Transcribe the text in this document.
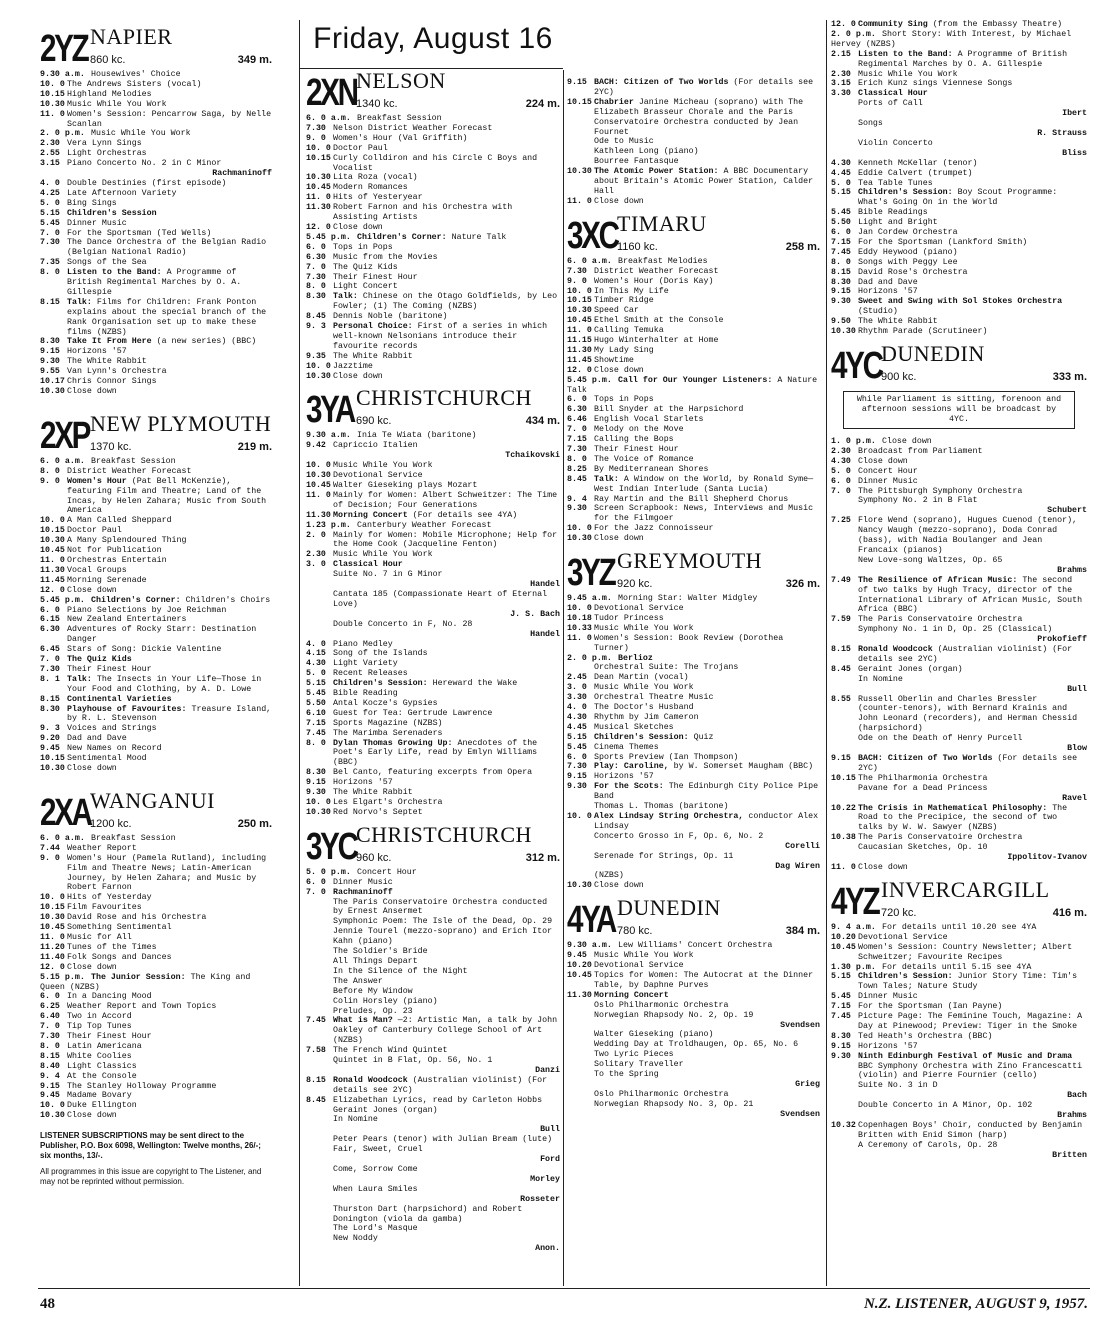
Friday, August 16
2YZ NAPIER
860 kc.	349 m.
9.30 a.m. Housewives' Choice
10. 0 The Andrews Sisters (vocal)
10.15 Highland Melodies
10.30 Music While You Work
11. 0 Women's Session: Pencarrow Saga, by Nelle Scanlan
2. 0 p.m. Music While You Work
2.30 Vera Lynn Sings
2.55 Light Orchestras
3.15 Piano Concerto No. 2 in C Minor
Rachmaninoff
4. 0 Double Destinies (first episode)
4.25 Late Afternoon Variety
5. 0 Bing Sings
5.15 Children's Session
5.45 Dinner Music
7. 0 For the Sportsman (Ted Wells)
7.30 The Dance Orchestra of the Belgian Radio (Belgian National Radio)
7.35 Songs of the Sea
8. 0 Listen to the Band: A Programme of British Regimental Marches by O. A. Gillespie
8.15 Talk: Films for Children: Frank Ponton explains about the special branch of the Rank Organisation set up to make these films (NZBS)
8.30 Take It From Here (a new series) (BBC)
9.15 Horizons '57
9.30 The White Rabbit
9.55 Van Lynn's Orchestra
10.17 Chris Connor Sings
10.30 Close down
2XP NEW PLYMOUTH
1370 kc.	219 m.
6. 0 a.m. Breakfast Session
8. 0 District Weather Forecast
9. 0 Women's Hour (Pat Bell McKenzie), featuring Film and Theatre; Land of the Incas, by Helen Zahara; Music from South America
10. 0 A Man Called Sheppard
10.15 Doctor Paul
10.30 A Many Splendoured Thing
10.45 Not for Publication
11. 0 Orchestras Entertain
11.30 Vocal Groups
11.45 Morning Serenade
12. 0 Close down
5.45 p.m. Children's Corner: Children's Choirs
6. 0 Piano Selections by Joe Reichman
6.15 New Zealand Entertainers
6.30 Adventures of Rocky Starr: Destination Danger
6.45 Stars of Song: Dickie Valentine
7. 0 The Quiz Kids
7.30 Their Finest Hour
8. 1 Talk: The Insects in Your Life—Those in Your Food and Clothing, by A. D. Lowe
8.15 Continental Varieties
8.30 Playhouse of Favourites: Treasure Island, by R. L. Stevenson
9. 3 Voices and Strings
9.20 Dad and Dave
9.45 New Names on Record
10.15 Sentimental Mood
10.30 Close down
2XA WANGANUI
1200 kc.	250 m.
6. 0 a.m. Breakfast Session
7.44 Weather Report
9. 0 Women's Hour (Pamela Rutland), including Film and Theatre News; Latin-American Journey, by Helen Zahara; and Music by Robert Farnon
10. 0 Hits of Yesterday
10.15 Film Favourites
10.30 David Rose and his Orchestra
10.45 Something Sentimental
11. 0 Music for All
11.20 Tunes of the Times
11.40 Folk Songs and Dances
12. 0 Close down
5.15 p.m. The Junior Session: The King and Queen (NZBS)
6. 0 In a Dancing Mood
6.25 Weather Report and Town Topics
6.40 Two in Accord
7. 0 Tip Top Tunes
7.30 Their Finest Hour
8. 0 Latin Americana
8.15 White Coolies
8.40 Light Classics
9. 4 At the Console
9.15 The Stanley Holloway Programme
9.45 Madame Bovary
10. 0 Duke Ellington
10.30 Close down
LISTENER SUBSCRIPTIONS may be sent direct to the Publisher, P.O. Box 6098, Wellington: Twelve months, 26/-; six months, 13/-.
All programmes in this issue are copyright to The Listener, and may not be reprinted without permission.
2XN NELSON
1340 kc.	224 m.
6. 0 a.m. Breakfast Session
7.30 Nelson District Weather Forecast
9. 0 Women's Hour (Val Griffith)
10. 0 Doctor Paul
10.15 Curly Colldiron and his Circle C Boys and Vocalist
10.30 Lita Roza (vocal)
10.45 Modern Romances
11. 0 Hits of Yesteryear
11.30 Robert Farnon and his Orchestra with Assisting Artists
12. 0 Close down
5.45 p.m. Children's Corner: Nature Talk
6. 0 Tops in Pops
6.30 Music from the Movies
7. 0 The Quiz Kids
7.30 Their Finest Hour
8. 0 Light Concert
8.30 Talk: Chinese on the Otago Goldfields, by Leo Fowler; (1) The Coming (NZBS)
8.45 Dennis Noble (baritone)
9. 3 Personal Choice: First of a series in which well-known Nelsonians introduce their favourite records
9.35 The White Rabbit
10. 0 Jazztime
10.30 Close down
3YA CHRISTCHURCH
690 kc.	434 m.
9.30 a.m. Inia Te Wiata (baritone)
9.42 Capriccio Italien
Tchaikovski
10. 0 Music While You Work
10.30 Devotional Service
10.45 Walter Gieseking plays Mozart
11. 0 Mainly for Women: Albert Schweitzer: The Time of Decision; Four Generations
11.30 Morning Concert (For details see 4YA)
1.23 p.m. Canterbury Weather Forecast
2. 0 Mainly for Women: Mobile Microphone; Help for the Home Cook (Jacqueline Fenton)
2.30 Music While You Work
3. 0 Classical Hour
Suite No. 7 in G Minor
Handel
Cantata 185 (Compassionate Heart of Eternal Love)
J. S. Bach
Double Concerto in F, No. 28
Handel
4. 0 Piano Medley
4.15 Song of the Islands
4.30 Light Variety
5. 0 Recent Releases
5.15 Children's Session: Hereward the Wake
5.45 Bible Reading
5.50 Antal Kocze's Gypsies
6.10 Guest for Tea: Gertrude Lawrence
7.15 Sports Magazine (NZBS)
7.45 The Marimba Serenaders
8. 0 Dylan Thomas Growing Up: Anecdotes of the Poet's Early Life, read by Emlyn Williams (BBC)
8.30 Bel Canto, featuring excerpts from Opera
9.15 Horizons '57
9.30 The White Rabbit
10. 0 Les Elgart's Orchestra
10.30 Red Norvo's Septet
3YC CHRISTCHURCH
960 kc.	312 m.
5. 0 p.m. Concert Hour
6. 0 Dinner Music
7. 0 Rachmaninoff
The Paris Conservatoire Orchestra conducted by Ernest Ansermet
Symphonic Poem: The Isle of the Dead, Op. 29
Jennie Tourel (mezzo-soprano) and Erich Itor Kahn (piano)
The Soldier's Bride
All Things Depart
In the Silence of the Night
The Answer
Before My Window
Colin Horsley (piano)
Preludes, Op. 23
7.45 What is Man? —2: Artistic Man, a talk by John Oakley of Canterbury College School of Art (NZBS)
7.58 The French Wind Quintet
Quintet in B Flat, Op. 56, No. 1
Danzi
8.15 Ronald Woodcock (Australian violinist) (For details see 2YC)
8.45 Elizabethan Lyrics, read by Carleton Hobbs
Geraint Jones (organ)
In Nomine
Bull
Peter Pears (tenor) with Julian Bream (lute)
Fair, Sweet, Cruel
Ford
Come, Sorrow Come
Morley
When Laura Smiles
Rosseter
Thurston Dart (harpsichord) and Robert Donington (viola da gamba)
The Lord's Masque
New Noddy
Anon.
9.15 BACH: Citizen of Two Worlds (For details see 2YC)
10.15 Chabrier Janine Micheau (soprano) with The Elizabeth Brasseur Chorale and the Paris Conservatoire Orchestra conducted by Jean Fournet
Ode to Music
Kathleen Long (piano)
Bourree Fantasque
10.30 The Atomic Power Station: A BBC Documentary about Britain's Atomic Power Station, Calder Hall
11. 0 Close down
3XC TIMARU
1160 kc.	258 m.
6. 0 a.m. Breakfast Melodies
7.30 District Weather Forecast
9. 0 Women's Hour (Doris Kay)
10. 0 In This My Life
10.15 Timber Ridge
10.30 Speed Car
10.45 Ethel Smith at the Console
11. 0 Calling Temuka
11.15 Hugo Winterhalter at Home
11.30 My Lady Sing
11.45 Showtime
12. 0 Close down
5.45 p.m. Call for Our Younger Listeners: A Nature Talk
6. 0 Tops in Pops
6.30 Bill Snyder at the Harpsichord
6.46 English Vocal Starlets
7. 0 Melody on the Move
7.15 Calling the Bops
7.30 Their Finest Hour
8. 0 The Voice of Romance
8.25 By Mediterranean Shores
8.45 Talk: A Window on the World, by Ronald Syme—West Indian Interlude (Santa Lucia)
9. 4 Ray Martin and the Bill Shepherd Chorus
9.30 Screen Scrapbook: News, Interviews and Music for the Filmgoer
10. 0 For the Jazz Connoisseur
10.30 Close down
3YZ GREYMOUTH
920 kc.	326 m.
9.45 a.m. Morning Star: Walter Midgley
10. 0 Devotional Service
10.18 Tudor Princess
10.33 Music While You Work
11. 0 Women's Session: Book Review (Dorothea Turner)
2. 0 p.m. Berlioz
Orchestral Suite: The Trojans
2.45 Dean Martin (vocal)
3. 0 Music While You Work
3.30 Orchestral Theatre Music
4. 0 The Doctor's Husband
4.30 Rhythm by Jim Cameron
4.45 Musical Sketches
5.15 Children's Session: Quiz
5.45 Cinema Themes
6. 0 Sports Preview (Ian Thompson)
7.30 Play: Caroline, by W. Somerset Maugham (BBC)
9.15 Horizons '57
9.30 For the Scots: The Edinburgh City Police Pipe Band
Thomas L. Thomas (baritone)
10. 0 Alex Lindsay String Orchestra, conductor Alex Lindsay
Concerto Grosso in F, Op. 6, No. 2
Corelli
Serenade for Strings, Op. 11
Dag Wiren
(NZBS)
10.30 Close down
4YA DUNEDIN
780 kc.	384 m.
9.30 a.m. Lew Williams' Concert Orchestra
9.45 Music While You Work
10.20 Devotional Service
10.45 Topics for Women: The Autocrat at the Dinner Table, by Daphne Purves
11.30 Morning Concert
Oslo Philharmonic Orchestra
Norwegian Rhapsody No. 2, Op. 19
Svendsen
Walter Gieseking (piano)
Wedding Day at Troldhaugen, Op. 65, No. 6
Two Lyric Pieces
Solitary Traveller
To the Spring
Grieg
Oslo Philharmonic Orchestra
Norwegian Rhapsody No. 3, Op. 21
Svendsen
12. 0 Community Sing (from the Embassy Theatre)
2. 0 p.m. Short Story: With Interest, by Michael Hervey (NZBS)
2.15 Listen to the Band: A Programme of British Regimental Marches by O. A. Gillespie
2.30 Music While You Work
3.15 Erich Kunz sings Viennese Songs
3.30 Classical Hour
Ports of Call
Ibert
Songs
R. Strauss
Violin Concerto
Bliss
4.30 Kenneth McKellar (tenor)
4.45 Eddie Calvert (trumpet)
5. 0 Tea Table Tunes
5.15 Children's Session: Boy Scout Programme: What's Going On in the World
5.45 Bible Readings
5.50 Light and Bright
6. 0 Jan Cordew Orchestra
7.15 For the Sportsman (Lankford Smith)
7.45 Eddy Heywood (piano)
8. 0 Songs with Peggy Lee
8.15 David Rose's Orchestra
8.30 Dad and Dave
9.15 Horizons '57
9.30 Sweet and Swing with Sol Stokes Orchestra (Studio)
9.50 The White Rabbit
10.30 Rhythm Parade (Scrutineer)
4YC DUNEDIN
900 kc.	333 m.
While Parliament is sitting, forenoon and afternoon sessions will be broadcast by 4YC.
1. 0 p.m. Close down
2.30 Broadcast from Parliament
4.30 Close down
5. 0 Concert Hour
6. 0 Dinner Music
7. 0 The Pittsburgh Symphony Orchestra
Symphony No. 2 in B Flat
Schubert
7.25 Flore Wend (soprano), Hugues Cuenod (tenor), Nancy Waugh (mezzo-soprano), Doda Conrad (bass), with Nadia Boulanger and Jean Francaix (pianos)
New Love-song Waltzes, Op. 65
Brahms
7.49 The Resilience of African Music: The second of two talks by Hugh Tracy, director of the International Library of African Music, South Africa (BBC)
7.59 The Paris Conservatoire Orchestra
Symphony No. 1 in D, Op. 25 (Classical)
Prokofieff
8.15 Ronald Woodcock (Australian violinist) (For details see 2YC)
8.45 Geraint Jones (organ)
In Nomine
Bull
8.55 Russell Oberlin and Charles Bressler (counter-tenors), with Bernard Krainis and John Leonard (recorders), and Herman Chessid (harpsichord)
Ode on the Death of Henry Purcell
Blow
9.15 BACH: Citizen of Two Worlds (For details see 2YC)
10.15 The Philharmonia Orchestra
Pavane for a Dead Princess
Ravel
10.22 The Crisis in Mathematical Philosophy: The Road to the Precipice, the second of two talks by W. W. Sawyer (NZBS)
10.38 The Paris Conservatoire Orchestra
Caucasian Sketches, Op. 10
Ippolitov-Ivanov
11. 0 Close down
4YZ INVERCARGILL
720 kc.	416 m.
9. 4 a.m. For details until 10.20 see 4YA
10.20 Devotional Service
10.45 Women's Session: Country Newsletter; Albert Schweitzer; Favourite Recipes
1.30 p.m. For details until 5.15 see 4YA
5.15 Children's Session: Junior Story Time: Tim's Town Tales; Nature Study
5.45 Dinner Music
7.15 For the Sportsman (Ian Payne)
7.45 Picture Page: The Feminine Touch, Magazine: A Day at Pinewood; Preview: Tiger in the Smoke
8.30 Ted Heath's Orchestra (BBC)
9.15 Horizons '57
9.30 Ninth Edinburgh Festival of Music and Drama
BBC Symphony Orchestra with Zino Francescatti (violin) and Pierre Fournier (cello)
Suite No. 3 in D
Bach
Double Concerto in A Minor, Op. 102
Brahms
10.32 Copenhagen Boys' Choir, conducted by Benjamin Britten with Enid Simon (harp)
A Ceremony of Carols, Op. 28
Britten
48	N.Z. LISTENER, AUGUST 9, 1957.
